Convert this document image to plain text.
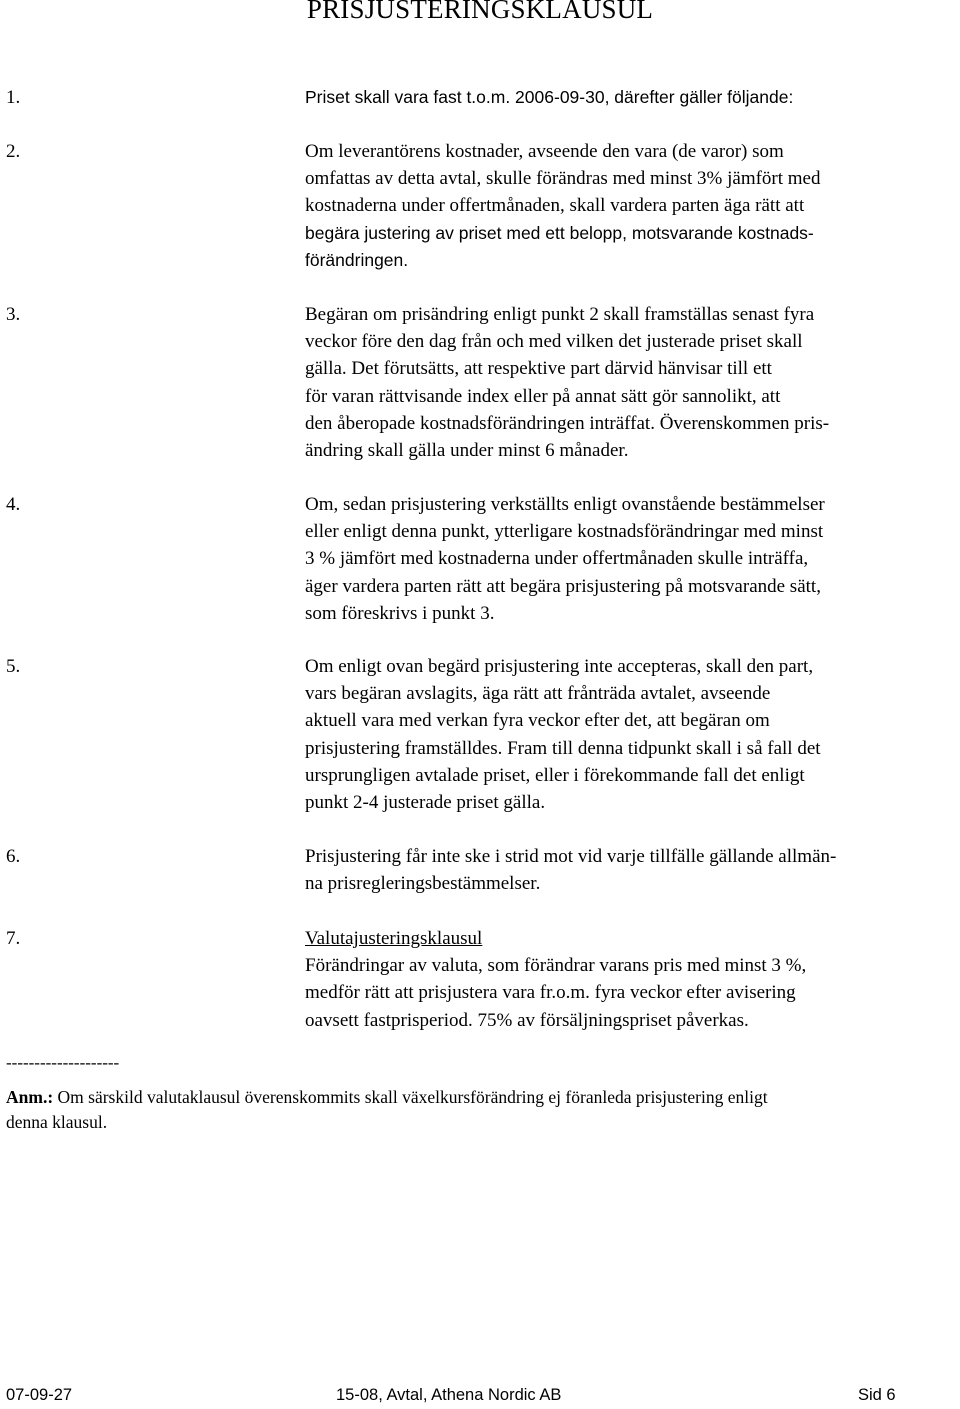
PRISJUSTERINGSKLAUSUL
1.	Priset skall vara fast t.o.m. 2006-09-30, därefter gäller följande:
2.	Om leverantörens kostnader, avseende den vara (de varor) som
omfattas av detta avtal, skulle förändras med minst 3% jämfört med
kostnaderna under offertmånaden, skall vardera parten äga rätt att
begära justering av priset med ett belopp, motsvarande kostnads-
förändringen.
3.	Begäran om prisändring enligt punkt 2 skall framställas senast fyra
veckor före den dag från och med vilken det justerade priset skall
gälla. Det förutsätts, att respektive part därvid hänvisar till ett
för varan rättvisande index eller på annat sätt gör sannolikt, att
den åberopade kostnadsförändringen inträffat. Överenskommen pris-
ändring skall gälla under minst 6 månader.
4.	Om, sedan prisjustering verkställts enligt ovanstående bestämmelser
eller enligt denna punkt, ytterligare kostnadsförändringar med minst
3 % jämfört med kostnaderna under offertmånaden skulle inträffa,
äger vardera parten rätt att begära prisjustering på motsvarande sätt,
som föreskrivs i punkt 3.
5.	Om enligt ovan begärd prisjustering inte accepteras, skall den part,
vars begäran avslagits, äga rätt att frånträda avtalet, avseende
aktuell vara med verkan fyra veckor efter det, att begäran om
prisjustering framställdes. Fram till denna tidpunkt skall i så fall det
ursprungligen avtalade priset, eller i förekommande fall det enligt
punkt 2-4 justerade priset gälla.
6.	Prisjustering får inte ske i strid mot vid varje tillfälle gällande allmän-
na prisregleringsbestämmelser.
7.	Valutajusteringsklausul
Förändringar av valuta, som förändrar varans pris med minst 3 %,
medför rätt att prisjustera vara fr.o.m. fyra veckor efter avisering
oavsett fastprisperiod. 75% av försäljningspriset påverkas.
--------------------
Anm.: Om särskild valutaklausul överenskommits skall växelkursförändring ej föranleda prisjustering enligt
denna klausul.
07-09-27	15-08, Avtal, Athena Nordic AB	Sid 6
